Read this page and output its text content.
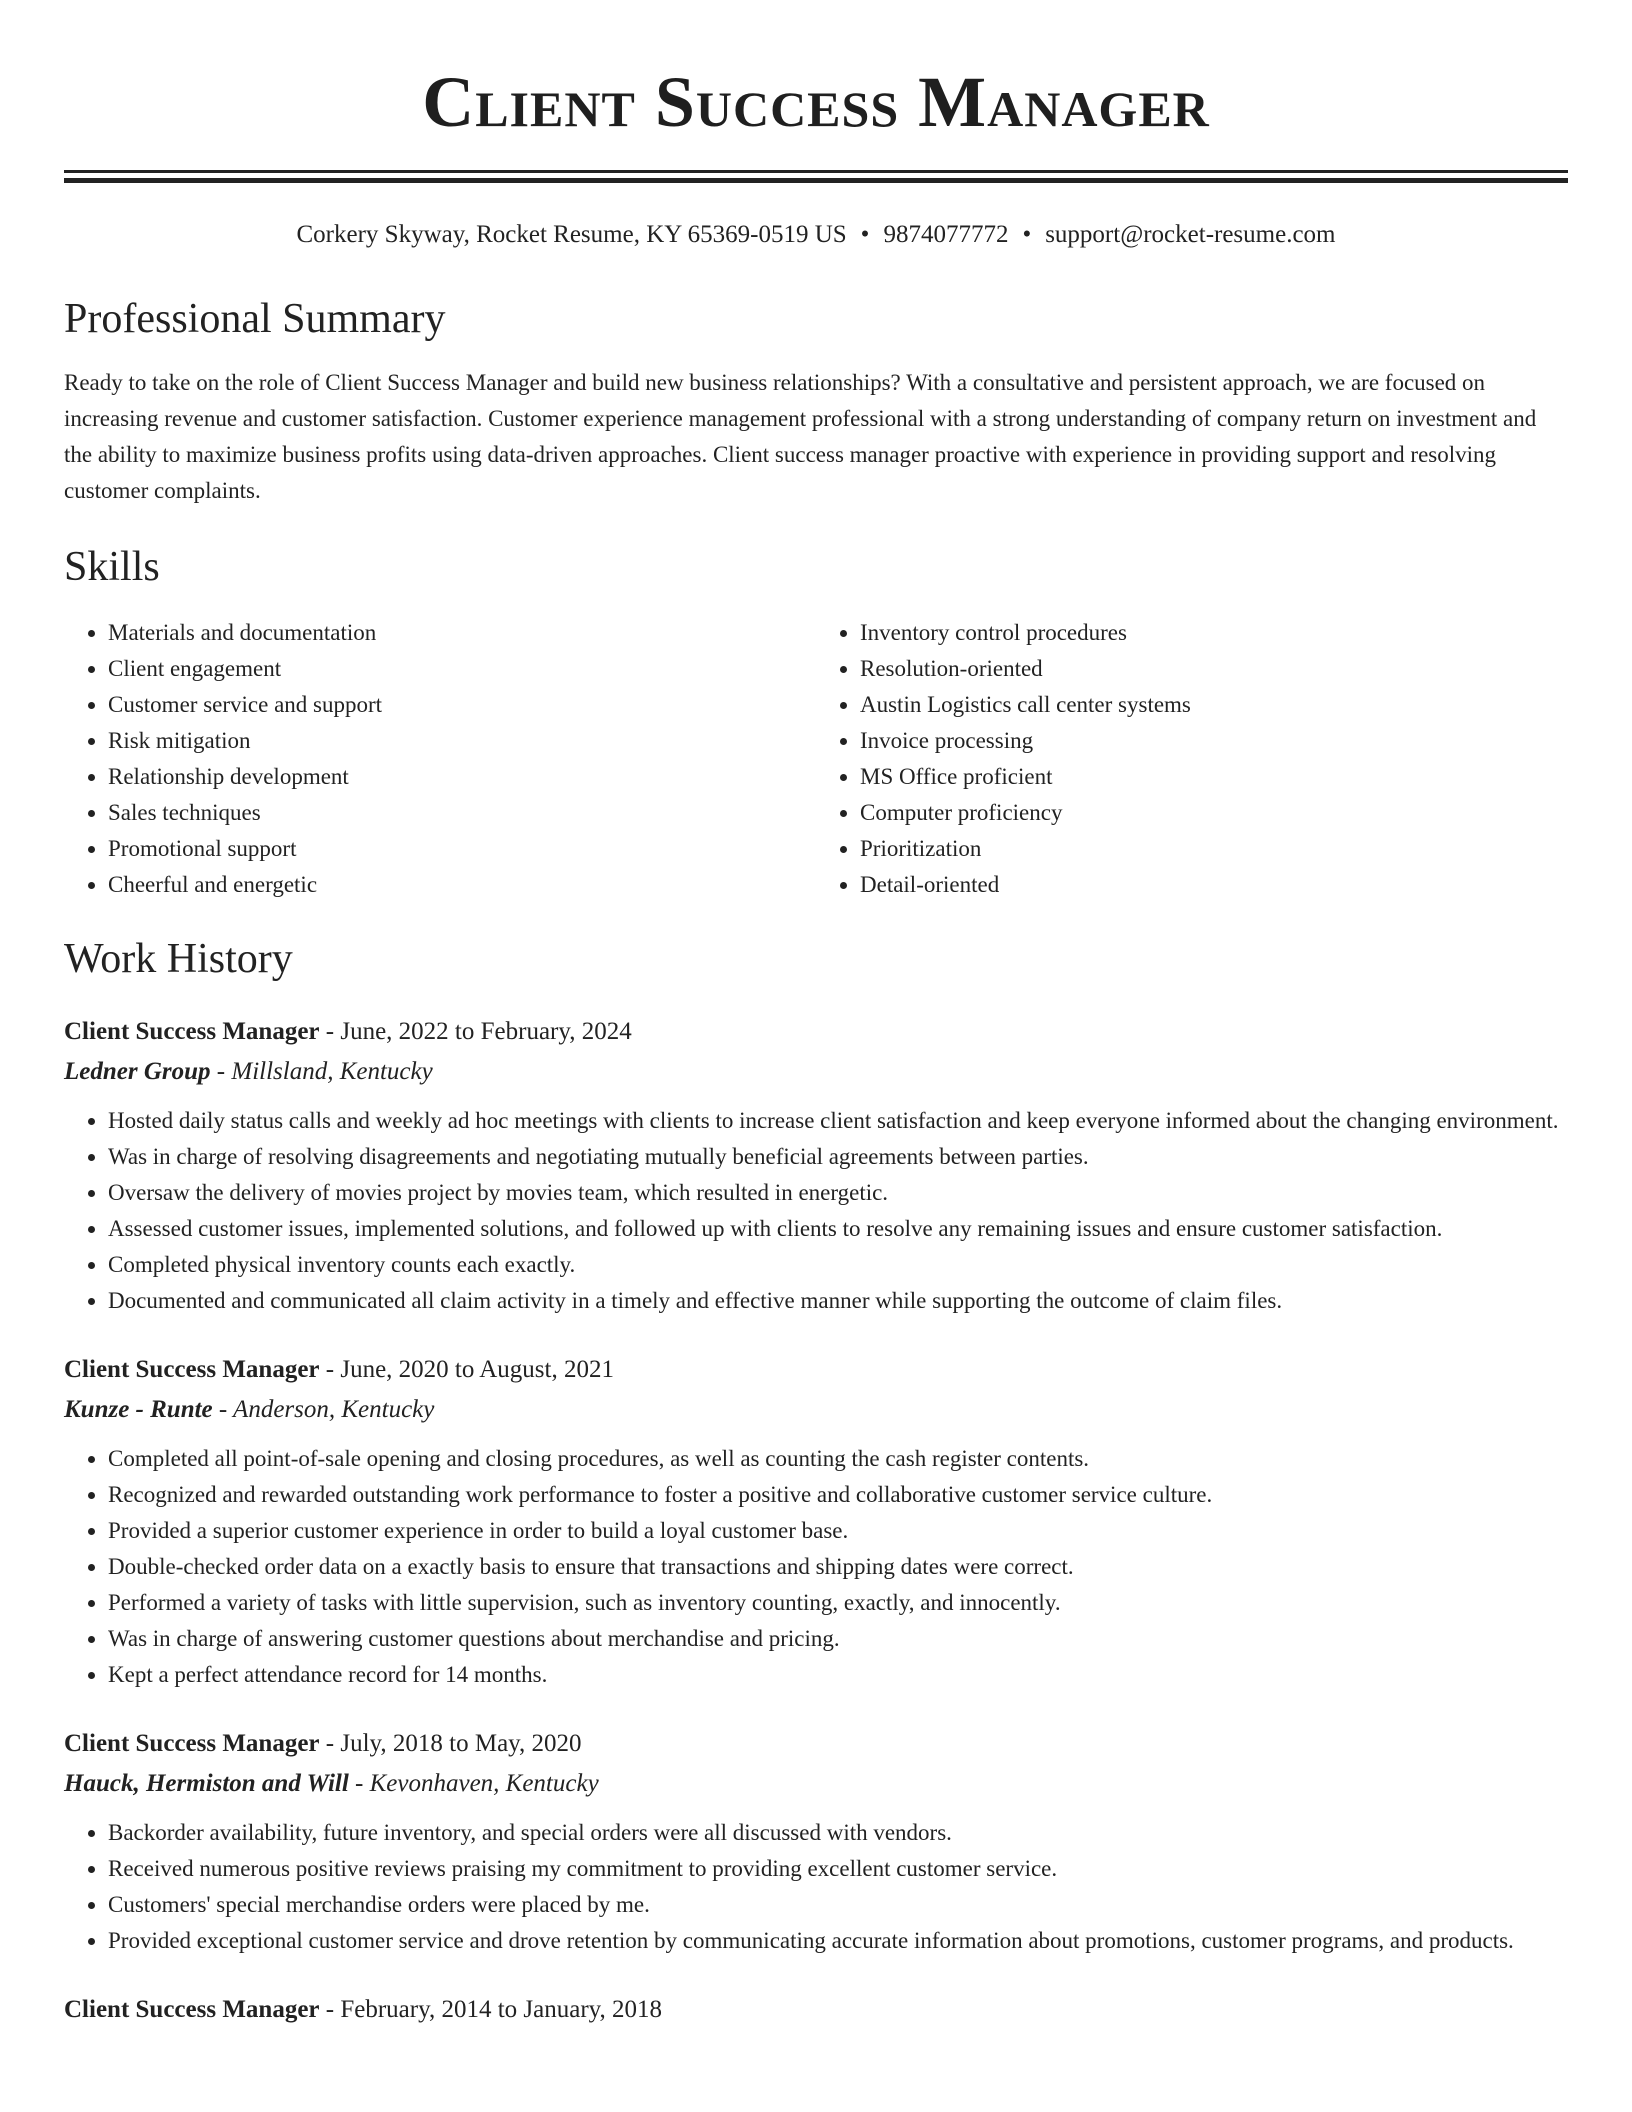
Client Success Manager
Corkery Skyway, Rocket Resume, KY 65369-0519 US • 9874077772 • support@rocket-resume.com
Professional Summary
Ready to take on the role of Client Success Manager and build new business relationships? With a consultative and persistent approach, we are focused on increasing revenue and customer satisfaction. Customer experience management professional with a strong understanding of company return on investment and the ability to maximize business profits using data-driven approaches. Client success manager proactive with experience in providing support and resolving customer complaints.
Skills
• Materials and documentation
• Client engagement
• Customer service and support
• Risk mitigation
• Relationship development
• Sales techniques
• Promotional support
• Cheerful and energetic
• Inventory control procedures
• Resolution-oriented
• Austin Logistics call center systems
• Invoice processing
• MS Office proficient
• Computer proficiency
• Prioritization
• Detail-oriented
Work History
Client Success Manager - June, 2022 to February, 2024
Ledner Group - Millsland, Kentucky
• Hosted daily status calls and weekly ad hoc meetings with clients to increase client satisfaction and keep everyone informed about the changing environment.
• Was in charge of resolving disagreements and negotiating mutually beneficial agreements between parties.
• Oversaw the delivery of movies project by movies team, which resulted in energetic.
• Assessed customer issues, implemented solutions, and followed up with clients to resolve any remaining issues and ensure customer satisfaction.
• Completed physical inventory counts each exactly.
• Documented and communicated all claim activity in a timely and effective manner while supporting the outcome of claim files.
Client Success Manager - June, 2020 to August, 2021
Kunze - Runte - Anderson, Kentucky
• Completed all point-of-sale opening and closing procedures, as well as counting the cash register contents.
• Recognized and rewarded outstanding work performance to foster a positive and collaborative customer service culture.
• Provided a superior customer experience in order to build a loyal customer base.
• Double-checked order data on a exactly basis to ensure that transactions and shipping dates were correct.
• Performed a variety of tasks with little supervision, such as inventory counting, exactly, and innocently.
• Was in charge of answering customer questions about merchandise and pricing.
• Kept a perfect attendance record for 14 months.
Client Success Manager - July, 2018 to May, 2020
Hauck, Hermiston and Will - Kevonhaven, Kentucky
• Backorder availability, future inventory, and special orders were all discussed with vendors.
• Received numerous positive reviews praising my commitment to providing excellent customer service.
• Customers' special merchandise orders were placed by me.
• Provided exceptional customer service and drove retention by communicating accurate information about promotions, customer programs, and products.
Client Success Manager - February, 2014 to January, 2018
